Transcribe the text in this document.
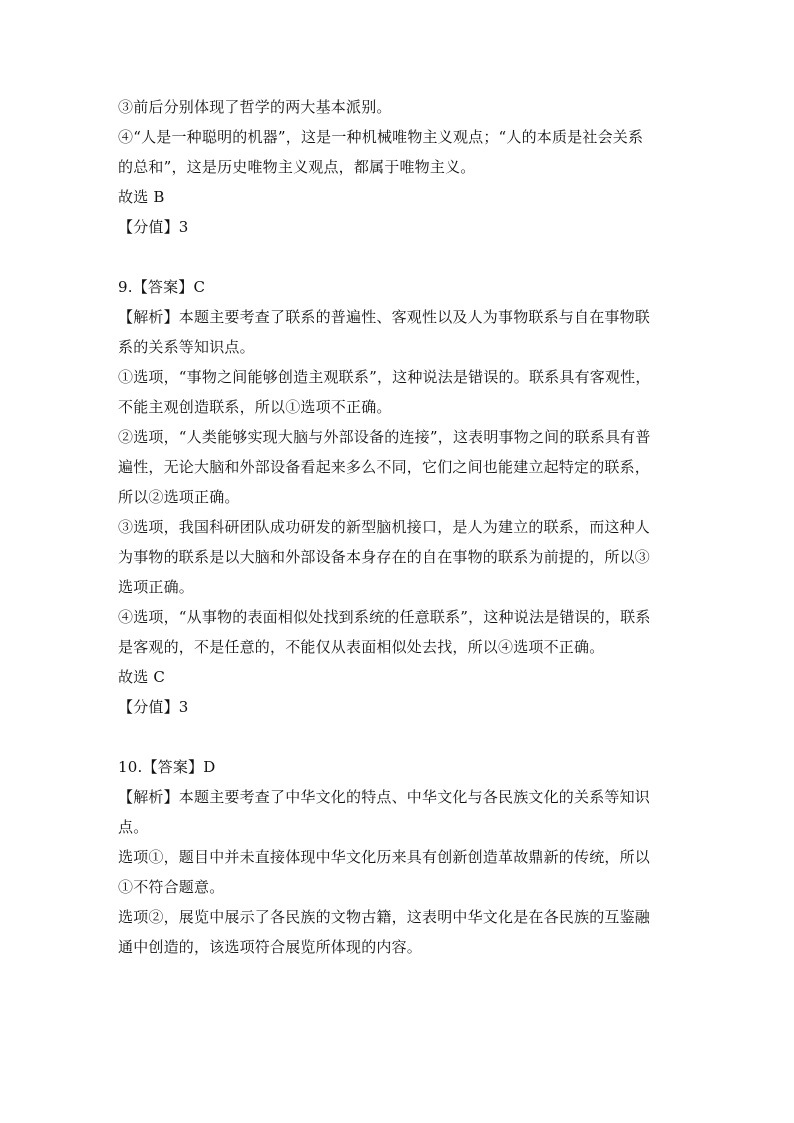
③前后分别体现了哲学的两大基本派别。
④“人是一种聪明的机器”，这是一种机械唯物主义观点；“人的本质是社会关系
的总和”，这是历史唯物主义观点，都属于唯物主义。
故选 B
【分值】3
9.【答案】C
【解析】本题主要考查了联系的普遍性、客观性以及人为事物联系与自在事物联
系的关系等知识点。
①选项，“事物之间能够创造主观联系”，这种说法是错误的。联系具有客观性，
不能主观创造联系，所以①选项不正确。
②选项，“人类能够实现大脑与外部设备的连接”，这表明事物之间的联系具有普
遍性，无论大脑和外部设备看起来多么不同，它们之间也能建立起特定的联系，
所以②选项正确。
③选项，我国科研团队成功研发的新型脑机接口，是人为建立的联系，而这种人
为事物的联系是以大脑和外部设备本身存在的自在事物的联系为前提的，所以③
选项正确。
④选项，“从事物的表面相似处找到系统的任意联系”，这种说法是错误的，联系
是客观的，不是任意的，不能仅从表面相似处去找，所以④选项不正确。
故选 C
【分值】3
10.【答案】D
【解析】本题主要考查了中华文化的特点、中华文化与各民族文化的关系等知识
点。
选项①，题目中并未直接体现中华文化历来具有创新创造革故鼎新的传统，所以
①不符合题意。
选项②，展览中展示了各民族的文物古籍，这表明中华文化是在各民族的互鉴融
通中创造的，该选项符合展览所体现的内容。
